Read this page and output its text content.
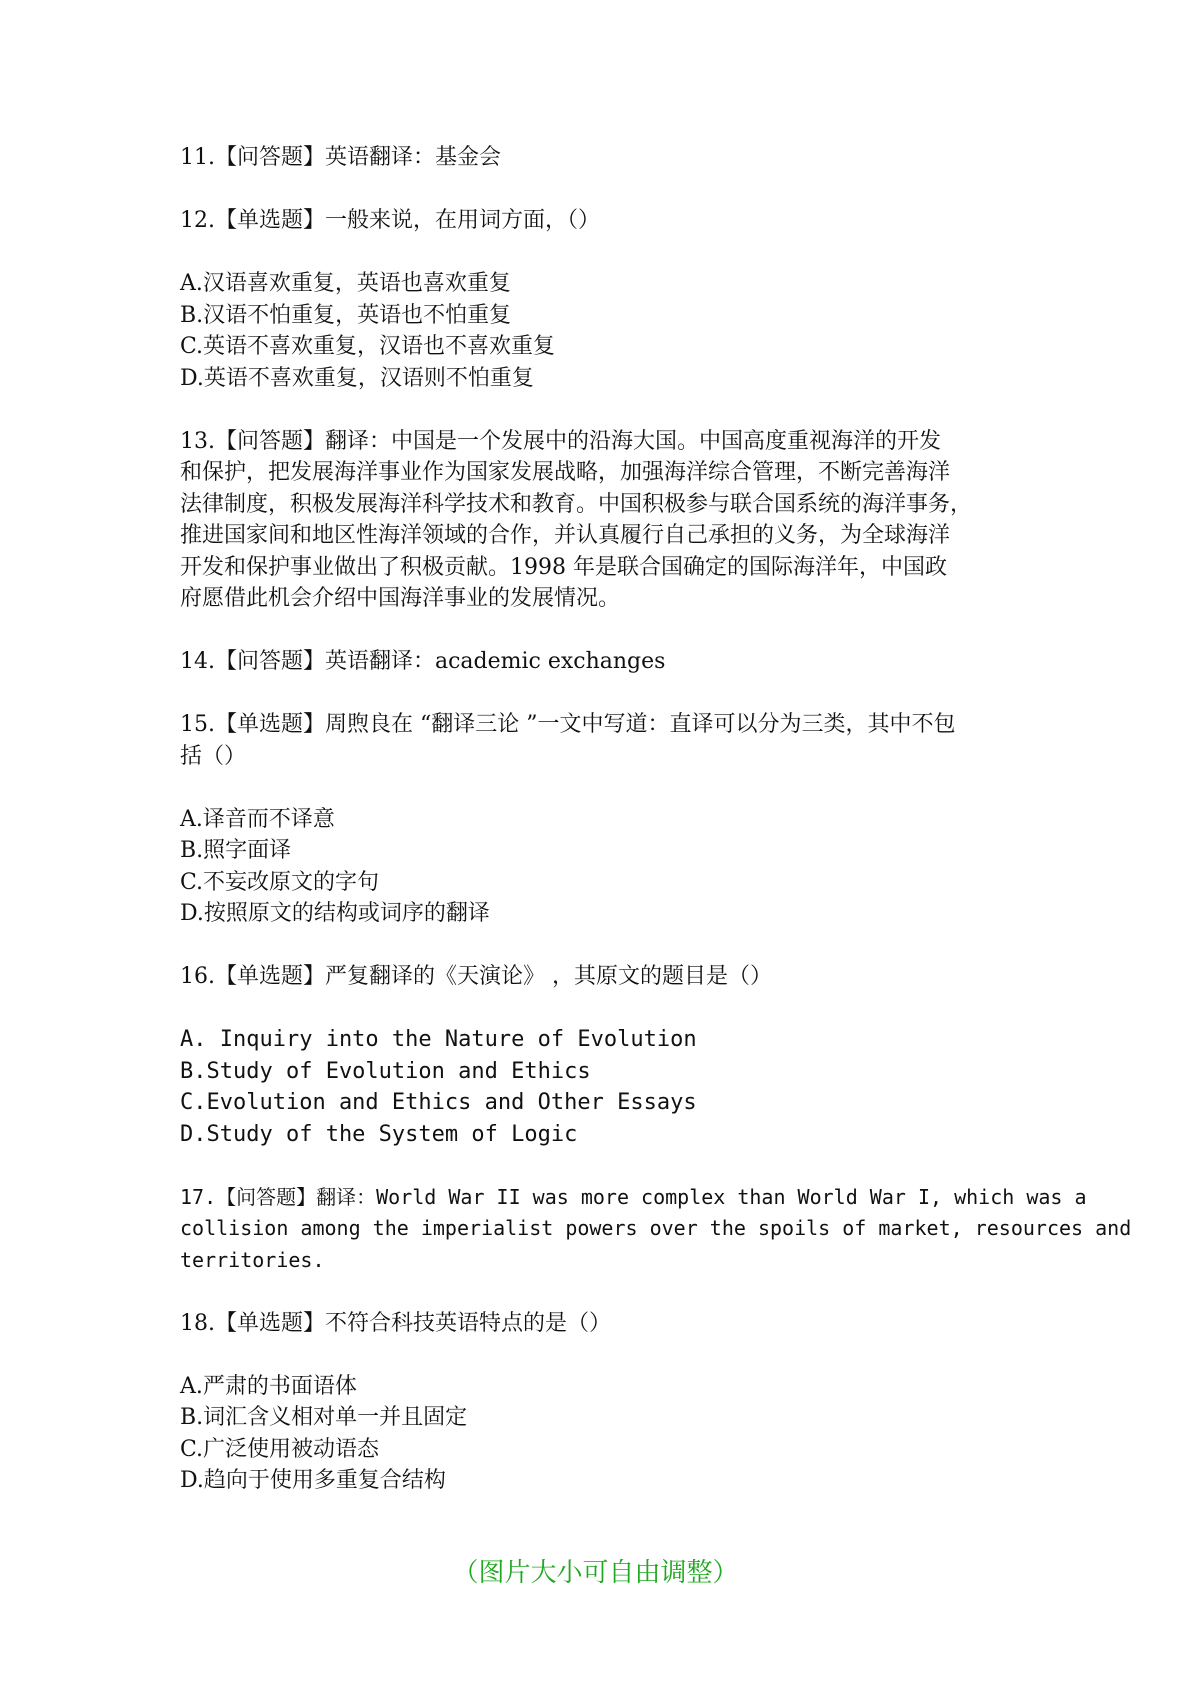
11.【问答题】英语翻译：基金会
12.【单选题】一般来说，在用词方面，（）
A.汉语喜欢重复，英语也喜欢重复
B.汉语不怕重复，英语也不怕重复
C.英语不喜欢重复，汉语也不喜欢重复
D.英语不喜欢重复，汉语则不怕重复
13.【问答题】翻译：中国是一个发展中的沿海大国。中国高度重视海洋的开发
和保护，把发展海洋事业作为国家发展战略，加强海洋综合管理，不断完善海洋
法律制度，积极发展海洋科学技术和教育。中国积极参与联合国系统的海洋事务，
推进国家间和地区性海洋领域的合作，并认真履行自己承担的义务，为全球海洋
开发和保护事业做出了积极贡献。1998 年是联合国确定的国际海洋年，中国政
府愿借此机会介绍中国海洋事业的发展情况。
14.【问答题】英语翻译：academic exchanges
15.【单选题】周煦良在 “翻译三论 ”一文中写道：直译可以分为三类，其中不包
括（）
A.译音而不译意
B.照字面译
C.不妄改原文的字句
D.按照原文的结构或词序的翻译
16.【单选题】严复翻译的《天演论》 ，其原文的题目是（）
A. Inquiry into the Nature of Evolution
B.Study of Evolution and Ethics
C.Evolution and Ethics and Other Essays
D.Study of the System of Logic
17.【问答题】翻译：World War II was more complex than World War I, which was a
collision among the imperialist powers over the spoils of market, resources and
territories.
18.【单选题】不符合科技英语特点的是（）
A.严肃的书面语体
B.词汇含义相对单一并且固定
C.广泛使用被动语态
D.趋向于使用多重复合结构
（图片大小可自由调整）
